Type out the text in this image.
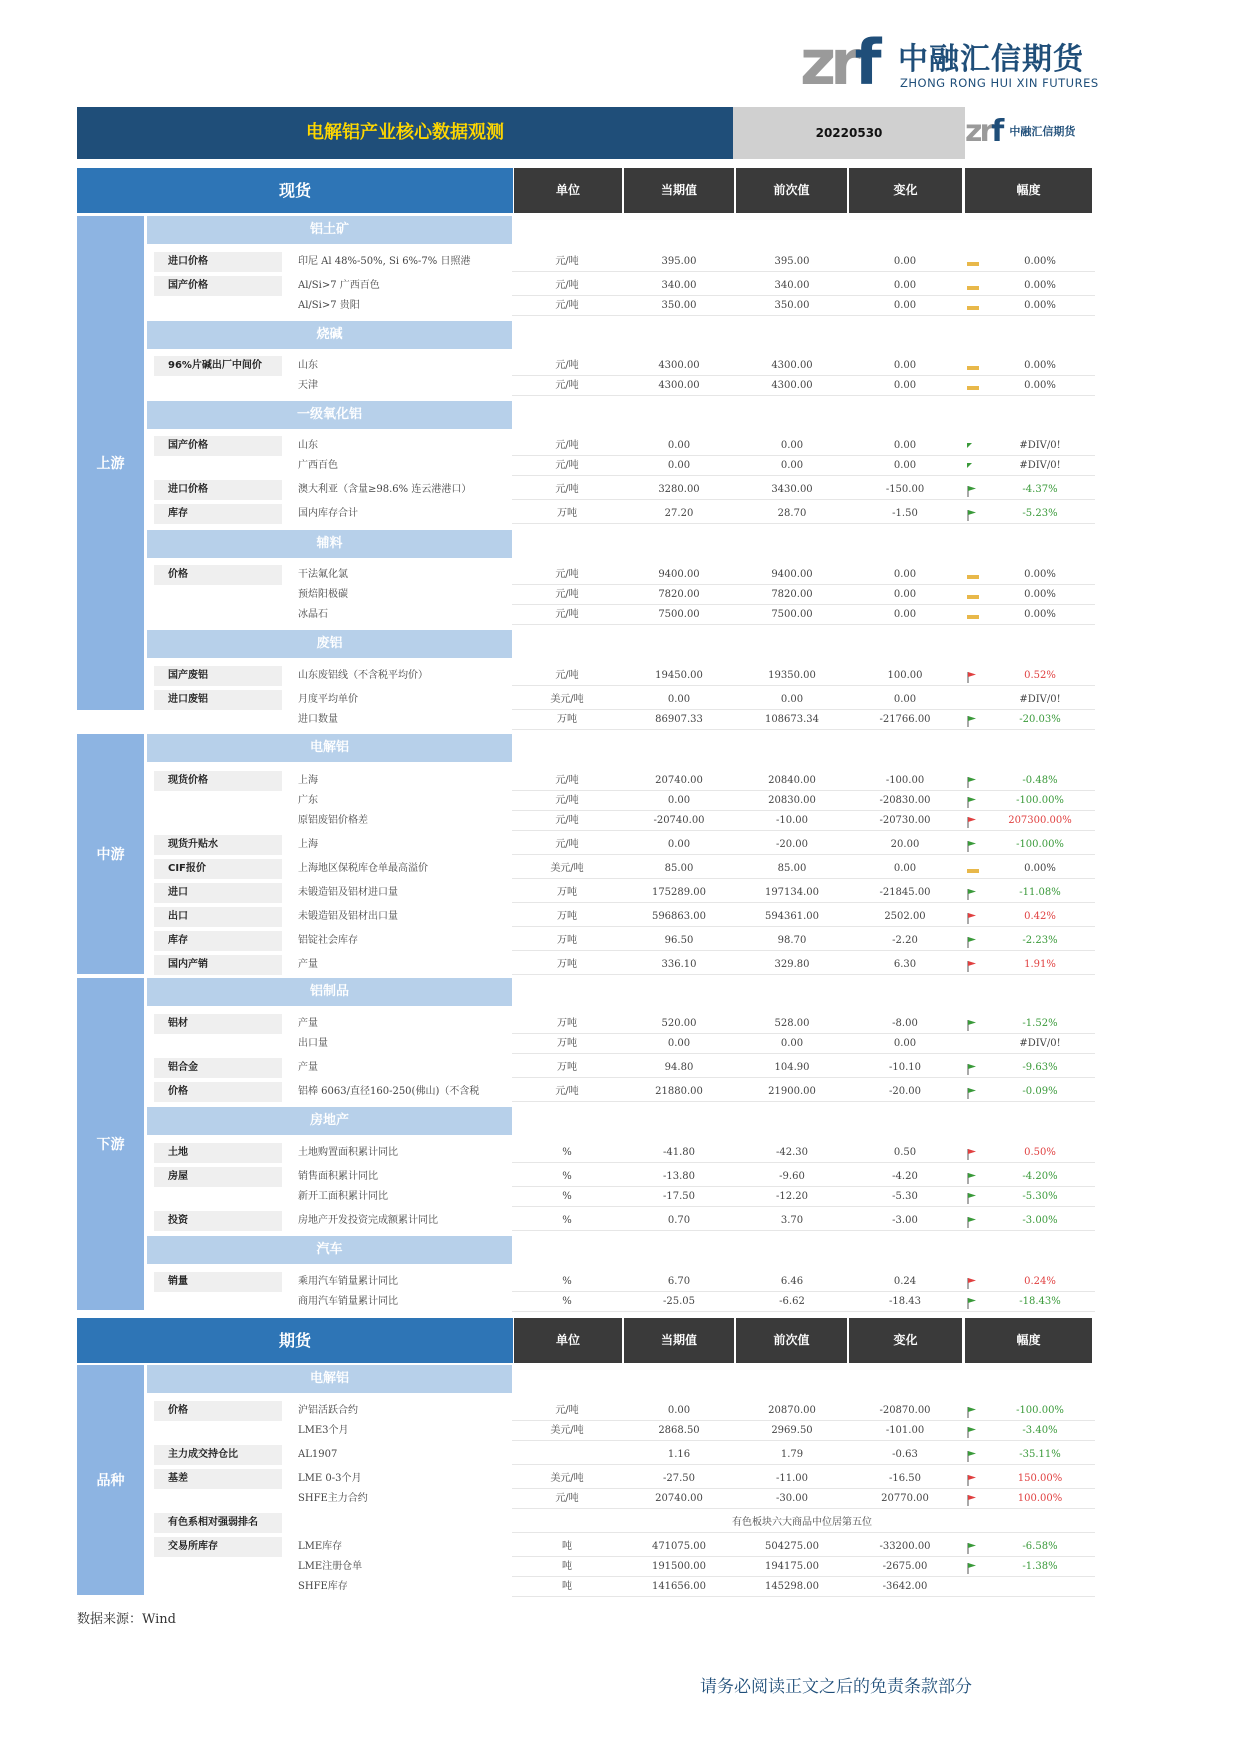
zrf 中融汇信期货
ZHONG RONG HUI XIN FUTURES
电解铝产业核心数据观测	20220530	zrf $^{中融汇信期货}$
现货	单位	当期值	前次值	变化	幅度
上游
中游
下游
品种
期货	单位	当期值	前次值	变化	幅度
铝土矿
烧碱
一级氧化铝
辅料
废铝
电解铝
铝制品
房地产
汽车
电解铝
进口价格	印尼 Al 48%-50%, Si 6%-7% 日照港	元/吨	395.00	395.00	0.00	0.00%
国产价格	Al/Si>7 广西百色	元/吨	340.00	340.00	0.00	0.00%
Al/Si>7 贵阳	元/吨	350.00	350.00	0.00	0.00%
96%片碱出厂中间价	山东	元/吨	4300.00	4300.00	0.00	0.00%
天津	元/吨	4300.00	4300.00	0.00	0.00%
国产价格	山东	元/吨	0.00	0.00	0.00	#DIV/0!
广西百色	元/吨	0.00	0.00	0.00	#DIV/0!
进口价格	澳大利亚（含量≥98.6% 连云港港口）	元/吨	3280.00	3430.00	-150.00	-4.37%
库存	国内库存合计	万吨	27.20	28.70	-1.50	-5.23%
价格	干法氟化氯	元/吨	9400.00	9400.00	0.00	0.00%
预焙阳极碳	元/吨	7820.00	7820.00	0.00	0.00%
冰晶石	元/吨	7500.00	7500.00	0.00	0.00%
国产废铝	山东废铝线（不含税平均价）	元/吨	19450.00	19350.00	100.00	0.52%
进口废铝	月度平均单价	美元/吨	0.00	0.00	0.00	#DIV/0!
进口数量	万吨	86907.33	108673.34	-21766.00	-20.03%
现货价格	上海	元/吨	20740.00	20840.00	-100.00	-0.48%
广东	元/吨	0.00	20830.00	-20830.00	-100.00%
原铝废铝价格差	元/吨	-20740.00	-10.00	-20730.00	207300.00%
现货升贴水	上海	元/吨	0.00	-20.00	20.00	-100.00%
CIF报价	上海地区保税库仓单最高溢价	美元/吨	85.00	85.00	0.00	0.00%
进口	未锻造铝及铝材进口量	万吨	175289.00	197134.00	-21845.00	-11.08%
出口	未锻造铝及铝材出口量	万吨	596863.00	594361.00	2502.00	0.42%
库存	铝锭社会库存	万吨	96.50	98.70	-2.20	-2.23%
国内产销	产量	万吨	336.10	329.80	6.30	1.91%
铝材	产量	万吨	520.00	528.00	-8.00	-1.52%
出口量	万吨	0.00	0.00	0.00	#DIV/0!
铝合金	产量	万吨	94.80	104.90	-10.10	-9.63%
价格	铝棒 6063/直径160-250(佛山)（不含税	元/吨	21880.00	21900.00	-20.00	-0.09%
土地	土地购置面积累计同比	%	-41.80	-42.30	0.50	0.50%
房屋	销售面积累计同比	%	-13.80	-9.60	-4.20	-4.20%
新开工面积累计同比	%	-17.50	-12.20	-5.30	-5.30%
投资	房地产开发投资完成额累计同比	%	0.70	3.70	-3.00	-3.00%
销量	乘用汽车销量累计同比	%	6.70	6.46	0.24	0.24%
商用汽车销量累计同比	%	-25.05	-6.62	-18.43	-18.43%
价格	沪铝活跃合约	元/吨	0.00	20870.00	-20870.00	-100.00%
LME3个月	美元/吨	2868.50	2969.50	-101.00	-3.40%
主力成交持仓比	AL1907	1.16	1.79	-0.63	-35.11%
基差	LME 0-3个月	美元/吨	-27.50	-11.00	-16.50	150.00%
SHFE主力合约	元/吨	20740.00	-30.00	20770.00	100.00%
有色系相对强弱排名	有色板块六大商品中位居第五位
交易所库存	LME库存	吨	471075.00	504275.00	-33200.00	-6.58%
LME注册仓单	吨	191500.00	194175.00	-2675.00	-1.38%
SHFE库存	吨	141656.00	145298.00	-3642.00
数据来源：Wind
请务必阅读正文之后的免责条款部分
